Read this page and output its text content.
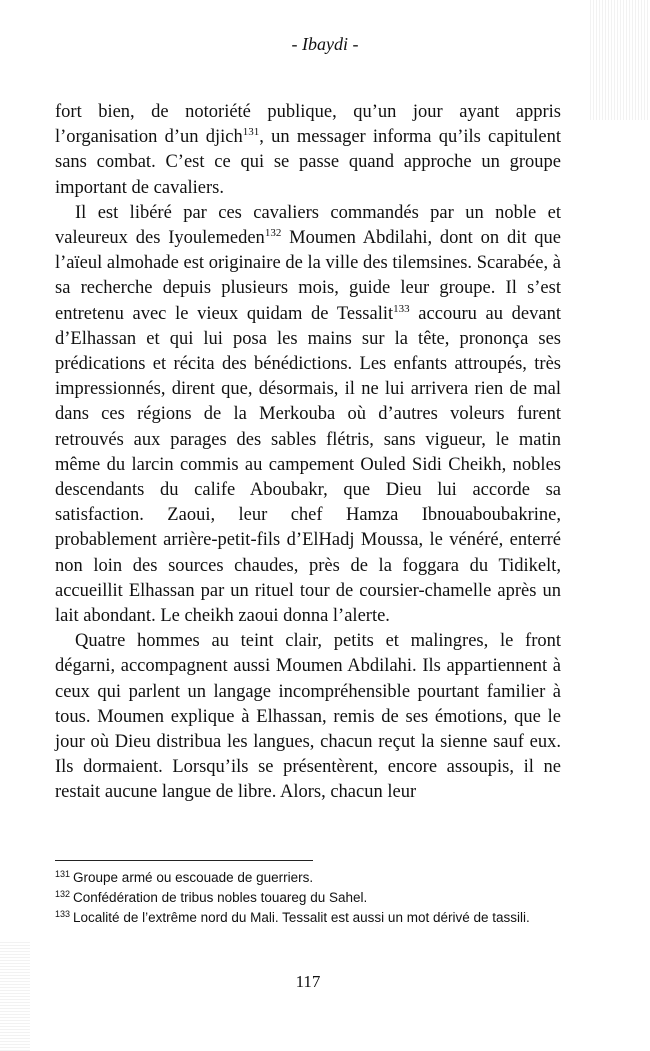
- Ibaydi -

fort bien, de notoriété publique, qu’un jour ayant appris l’organisation d’un djich$^{131}$, un messager informa qu’ils capitulent sans combat. C’est ce qui se passe quand approche un groupe important de cavaliers.

Il est libéré par ces cavaliers commandés par un noble et valeureux des Iyoulemeden$^{132}$ Moumen Abdilahi, dont on dit que l’aïeul almohade est originaire de la ville des tilemsines. Scarabée, à sa recherche depuis plusieurs mois, guide leur groupe. Il s’est entretenu avec le vieux quidam de Tessalit$^{133}$ accouru au devant d’Elhassan et qui lui posa les mains sur la tête, prononça ses prédications et récita des bénédictions. Les enfants attroupés, très impressionnés, dirent que, désormais, il ne lui arrivera rien de mal dans ces régions de la Merkouba où d’autres voleurs furent retrouvés aux parages des sables flétris, sans vigueur, le matin même du larcin commis au campement Ouled Sidi Cheikh, nobles descendants du calife Aboubakr, que Dieu lui accorde sa satisfaction. Zaoui, leur chef Hamza Ibnouaboubakrine, probablement arrière-petit-fils d’ElHadj Moussa, le vénéré, enterré non loin des sources chaudes, près de la foggara du Tidikelt, accueillit Elhassan par un rituel tour de coursier-chamelle après un lait abondant. Le cheikh zaoui donna l’alerte.

Quatre hommes au teint clair, petits et malingres, le front dégarni, accompagnent aussi Moumen Abdilahi. Ils appartiennent à ceux qui parlent un langage incompréhensible pourtant familier à tous. Moumen explique à Elhassan, remis de ses émotions, que le jour où Dieu distribua les langues, chacun reçut la sienne sauf eux. Ils dormaient. Lorsqu’ils se présentèrent, encore assoupis, il ne restait aucune langue de libre. Alors, chacun leur

$^{131}$ Groupe armé ou escouade de guerriers.

$^{132}$ Confédération de tribus nobles touareg du Sahel.

$^{133}$ Localité de l’extrême nord du Mali. Tessalit est aussi un mot dérivé de tassili.

117
